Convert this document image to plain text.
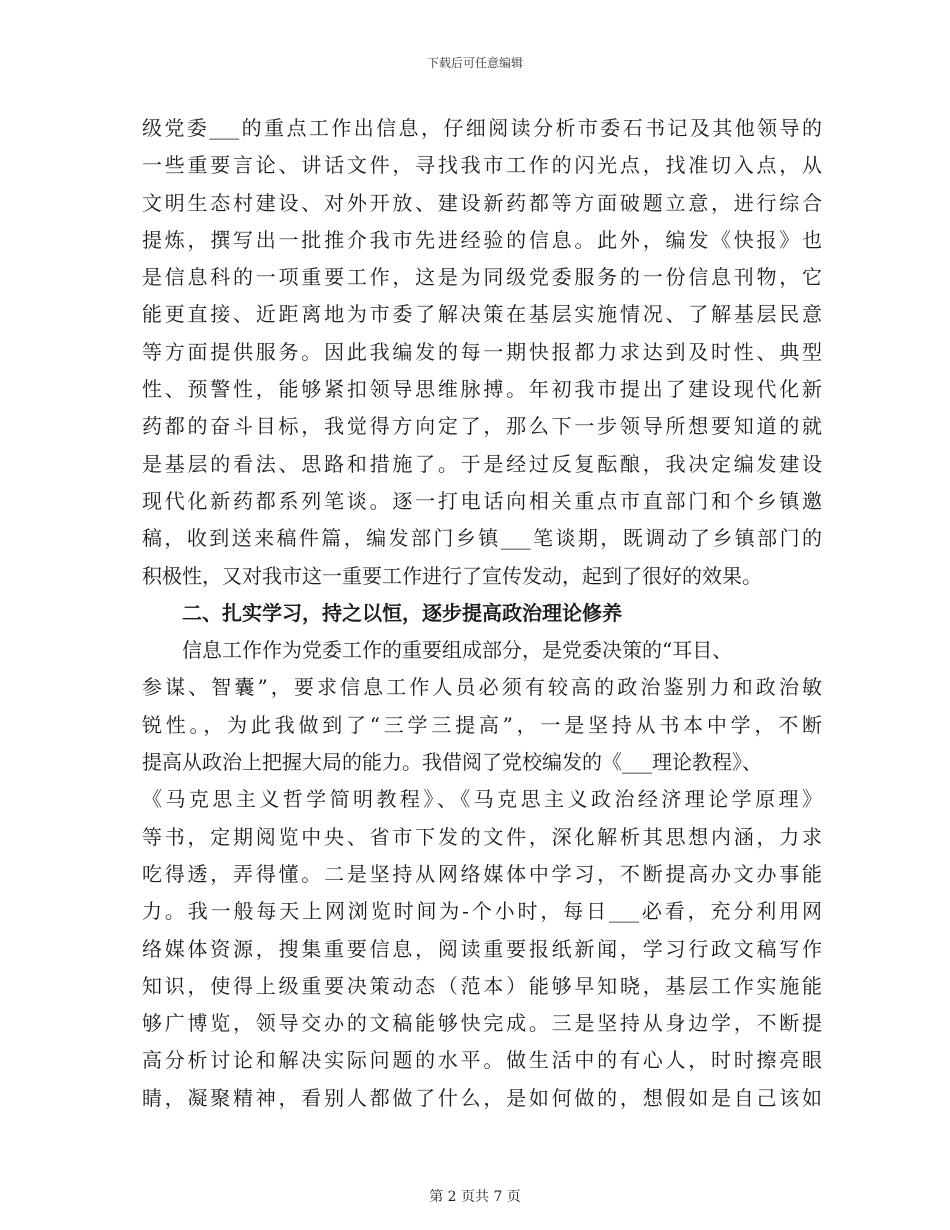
下载后可任意编辑
级党委___的重点工作出信息，仔细阅读分析市委石书记及其他领导的
一些重要言论、讲话文件，寻找我市工作的闪光点，找准切入点，从
文明生态村建设、对外开放、建设新药都等方面破题立意，进行综合
提炼，撰写出一批推介我市先进经验的信息。此外，编发《快报》也
是信息科的一项重要工作，这是为同级党委服务的一份信息刊物，它
能更直接、近距离地为市委了解决策在基层实施情况、了解基层民意
等方面提供服务。因此我编发的每一期快报都力求达到及时性、典型
性、预警性，能够紧扣领导思维脉搏。年初我市提出了建设现代化新
药都的奋斗目标，我觉得方向定了，那么下一步领导所想要知道的就
是基层的看法、思路和措施了。于是经过反复酝酿，我决定编发建设
现代化新药都系列笔谈。逐一打电话向相关重点市直部门和个乡镇邀
稿，收到送来稿件篇，编发部门乡镇___笔谈期，既调动了乡镇部门的
积极性，又对我市这一重要工作进行了宣传发动，起到了很好的效果。
二、扎实学习，持之以恒，逐步提高政治理论修养
信息工作作为党委工作的重要组成部分，是党委决策的“耳目、
参谋、智囊”，要求信息工作人员必须有较高的政治鉴别力和政治敏
锐性。，为此我做到了“三学三提高”，一是坚持从书本中学，不断
提高从政治上把握大局的能力。我借阅了党校编发的《___理论教程》、
《马克思主义哲学简明教程》、《马克思主义政治经济理论学原理》
等书，定期阅览中央、省市下发的文件，深化解析其思想内涵，力求
吃得透，弄得懂。二是坚持从网络媒体中学习，不断提高办文办事能
力。我一般每天上网浏览时间为-个小时，每日___必看，充分利用网
络媒体资源，搜集重要信息，阅读重要报纸新闻，学习行政文稿写作
知识，使得上级重要决策动态（范本）能够早知晓，基层工作实施能
够广博览，领导交办的文稿能够快完成。三是坚持从身边学，不断提
高分析讨论和解决实际问题的水平。做生活中的有心人，时时擦亮眼
睛，凝聚精神，看别人都做了什么，是如何做的，想假如是自己该如
第 2 页共 7 页
